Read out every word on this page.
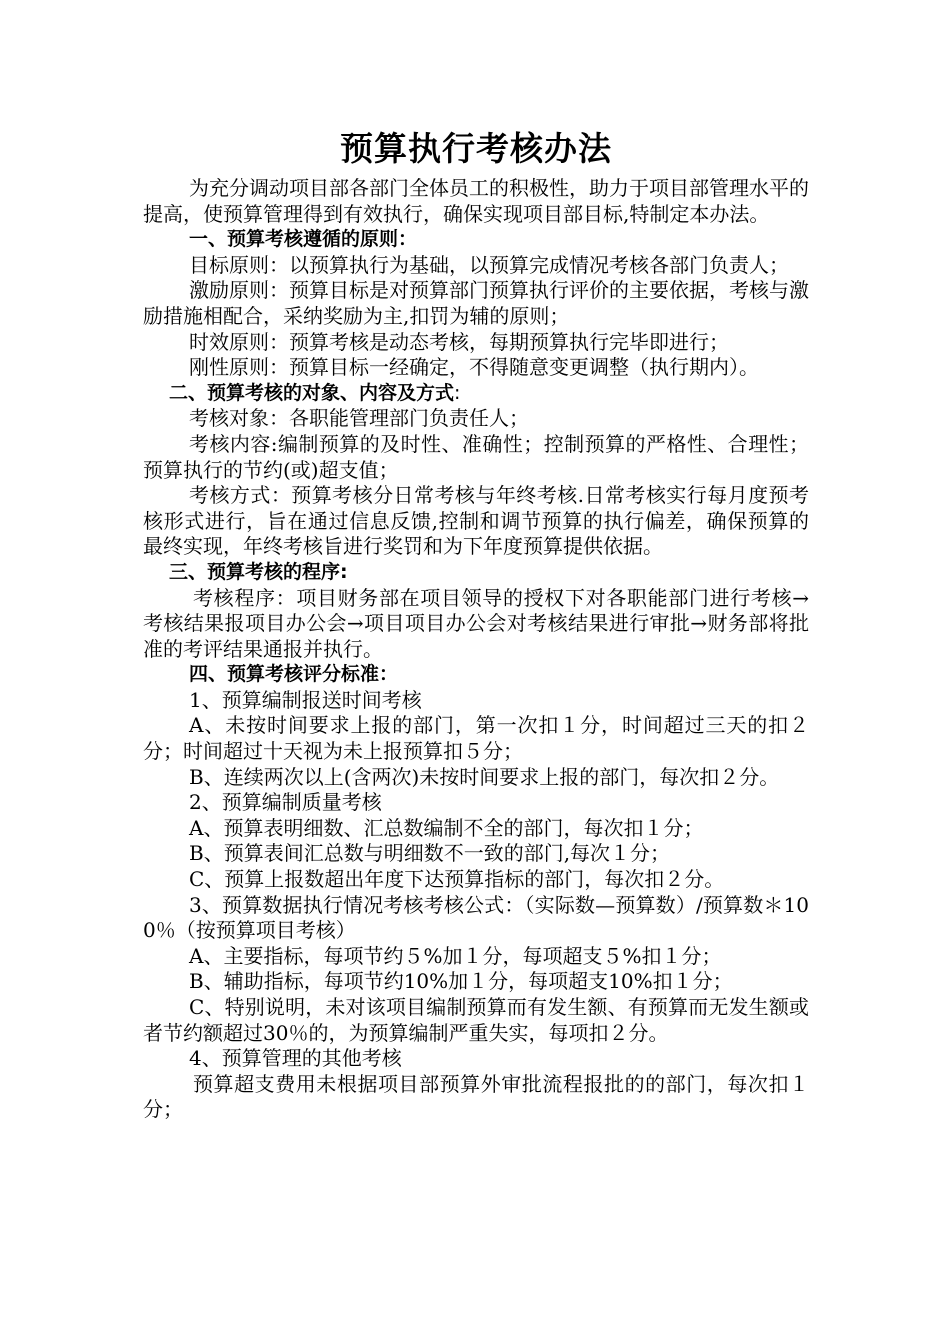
预算执行考核办法

为充分调动项目部各部门全体员工的积极性，助力于项目部管理水平的提高，使预算管理得到有效执行，确保实现项目部目标,特制定本办法。

一、预算考核遵循的原则：

目标原则：以预算执行为基础，以预算完成情况考核各部门负责人；

激励原则：预算目标是对预算部门预算执行评价的主要依据，考核与激励措施相配合，采纳奖励为主,扣罚为辅的原则；

时效原则：预算考核是动态考核，每期预算执行完毕即进行；

刚性原则：预算目标一经确定，不得随意变更调整（执行期内）。

二、预算考核的对象、内容及方式:

考核对象：各职能管理部门负责任人；

考核内容:编制预算的及时性、准确性；控制预算的严格性、合理性；预算执行的节约(或)超支值；

考核方式：预算考核分日常考核与年终考核.日常考核实行每月度预考核形式进行，旨在通过信息反馈,控制和调节预算的执行偏差，确保预算的最终实现，年终考核旨进行奖罚和为下年度预算提供依据。

三、预算考核的程序:

考核程序：项目财务部在项目领导的授权下对各职能部门进行考核→考核结果报项目办公会→项目项目办公会对考核结果进行审批→财务部将批准的考评结果通报并执行。

四、预算考核评分标准：

1、预算编制报送时间考核

A、未按时间要求上报的部门，第一次扣１分，时间超过三天的扣２分；时间超过十天视为未上报预算扣５分；

B、连续两次以上(含两次)未按时间要求上报的部门，每次扣２分。

2、预算编制质量考核

A、预算表明细数、汇总数编制不全的部门，每次扣１分；

B、预算表间汇总数与明细数不一致的部门,每次１分；

C、预算上报数超出年度下达预算指标的部门，每次扣２分。

3、预算数据执行情况考核考核公式：（实际数—预算数）/预算数＊100％（按预算项目考核）

A、主要指标，每项节约５%加１分，每项超支５%扣１分；

B、辅助指标，每项节约10%加１分，每项超支10%扣１分；

C、特别说明，未对该项目编制预算而有发生额、有预算而无发生额或者节约额超过30％的，为预算编制严重失实，每项扣２分。

4、预算管理的其他考核

预算超支费用未根据项目部预算外审批流程报批的的部门，每次扣１分；
